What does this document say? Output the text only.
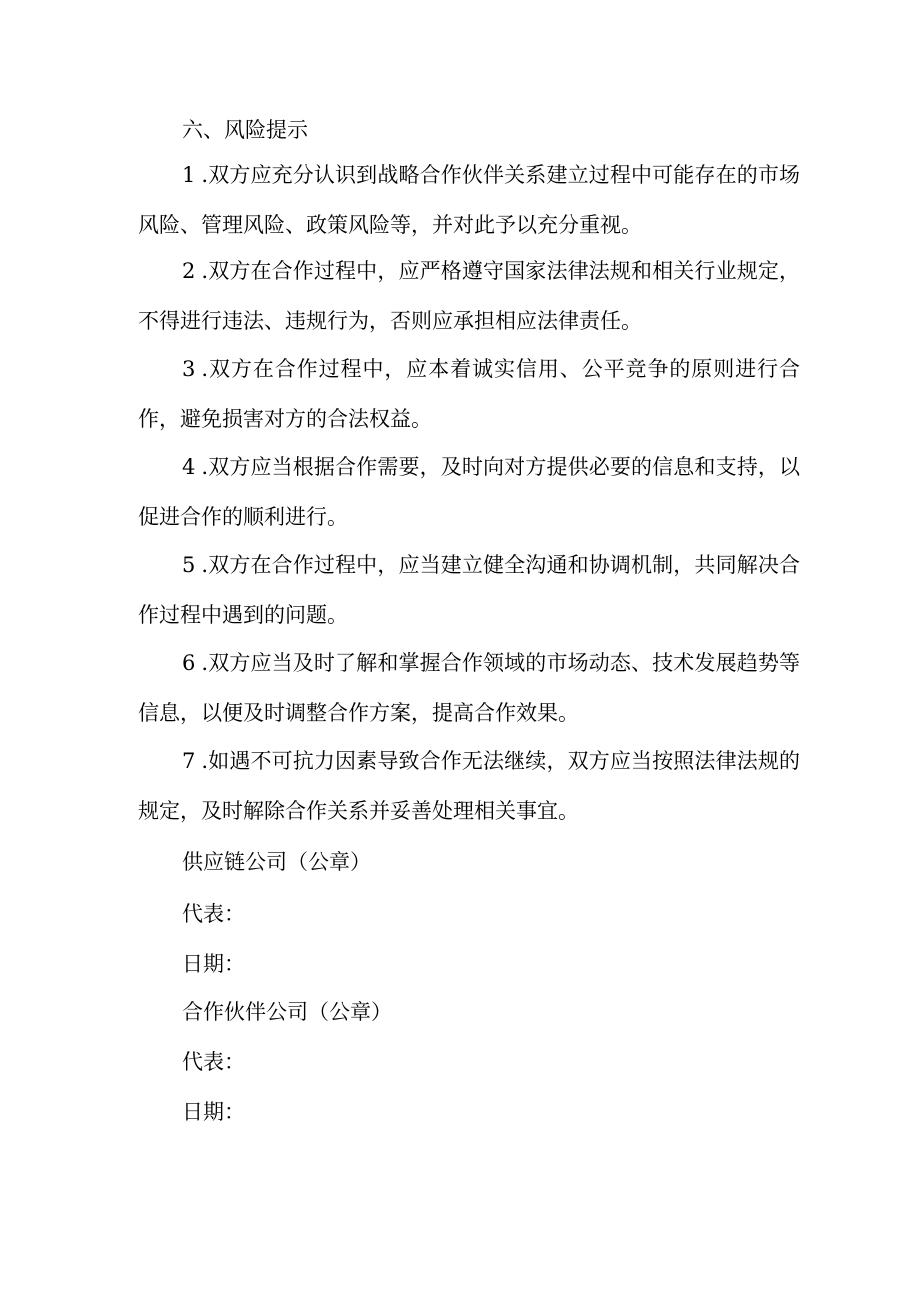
六、风险提示
1 .双方应充分认识到战略合作伙伴关系建立过程中可能存在的市场风险、管理风险、政策风险等，并对此予以充分重视。
2 .双方在合作过程中，应严格遵守国家法律法规和相关行业规定，不得进行违法、违规行为，否则应承担相应法律责任。
3 .双方在合作过程中，应本着诚实信用、公平竞争的原则进行合作，避免损害对方的合法权益。
4 .双方应当根据合作需要，及时向对方提供必要的信息和支持，以促进合作的顺利进行。
5 .双方在合作过程中，应当建立健全沟通和协调机制，共同解决合作过程中遇到的问题。
6 .双方应当及时了解和掌握合作领域的市场动态、技术发展趋势等信息，以便及时调整合作方案，提高合作效果。
7 .如遇不可抗力因素导致合作无法继续，双方应当按照法律法规的规定，及时解除合作关系并妥善处理相关事宜。
供应链公司（公章）
代表：
日期：
合作伙伴公司（公章）
代表：
日期：
